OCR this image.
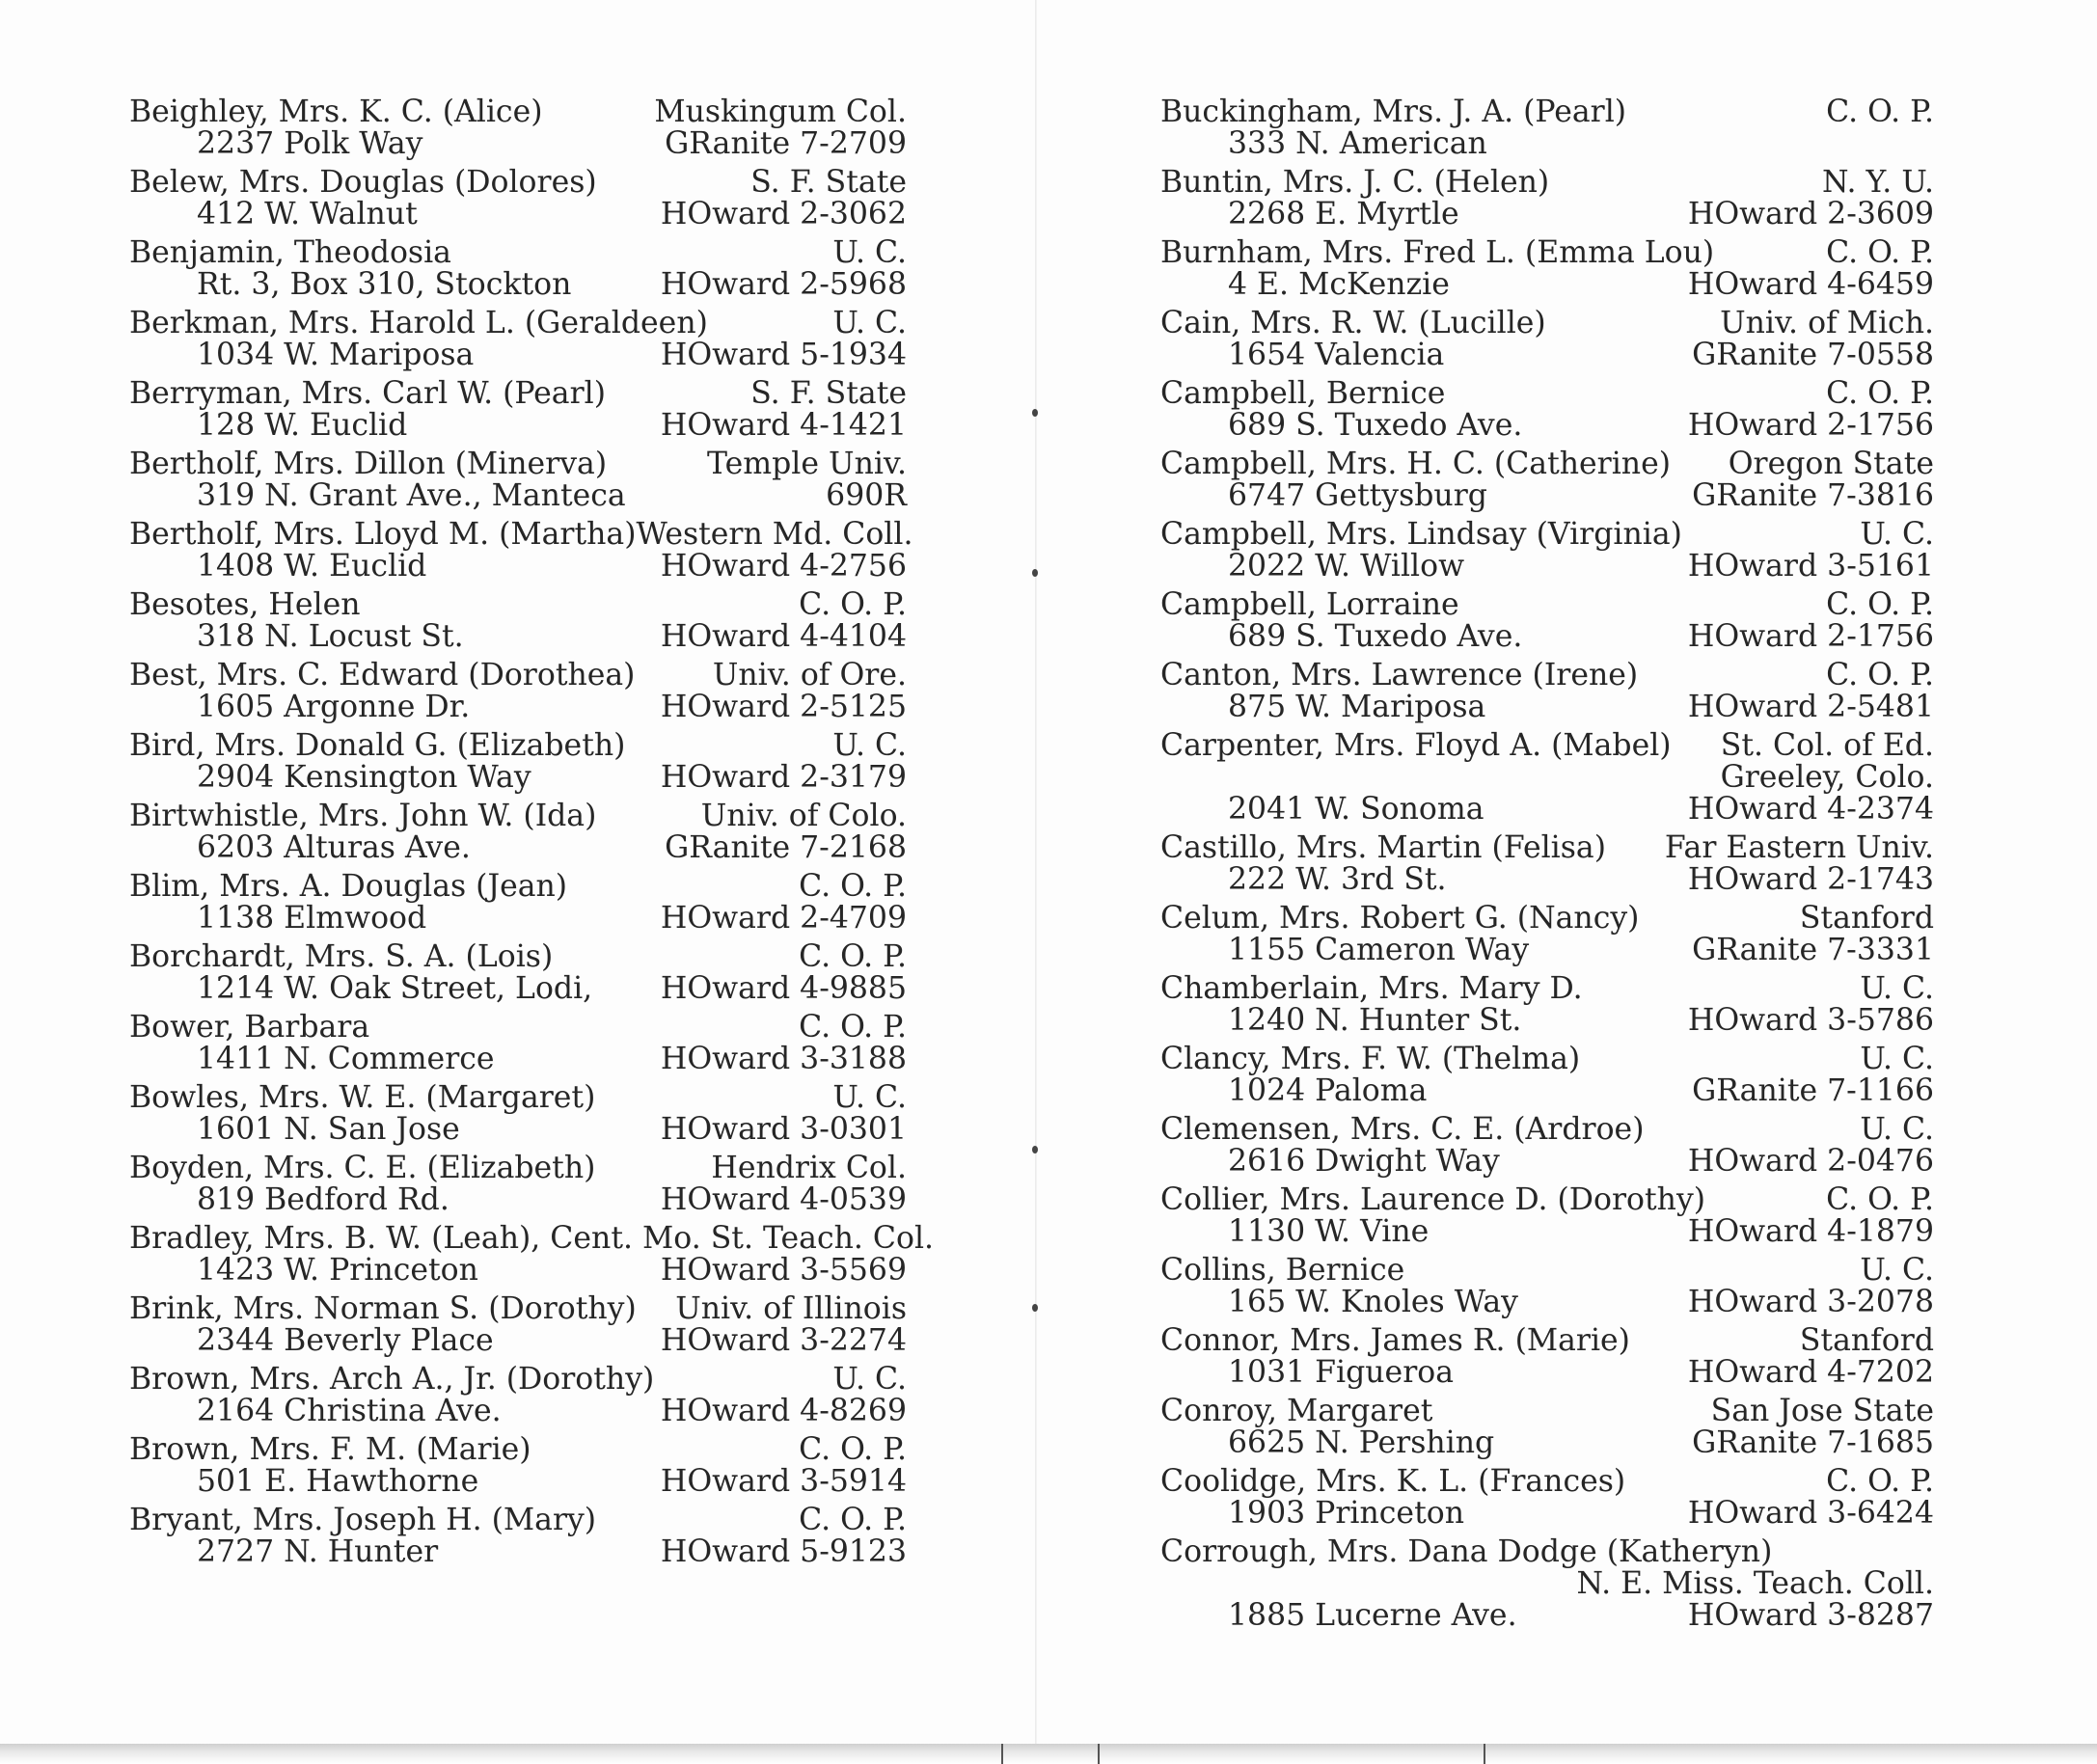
Beighley, Mrs. K. C. (Alice)	Muskingum Col.
2237 Polk Way	GRanite 7-2709
Belew, Mrs. Douglas (Dolores)	S. F. State
412 W. Walnut	HOward 2-3062
Benjamin, Theodosia	U. C.
Rt. 3, Box 310, Stockton	HOward 2-5968
Berkman, Mrs. Harold L. (Geraldeen)	U. C.
1034 W. Mariposa	HOward 5-1934
Berryman, Mrs. Carl W. (Pearl)	S. F. State
128 W. Euclid	HOward 4-1421
Bertholf, Mrs. Dillon (Minerva)	Temple Univ.
319 N. Grant Ave., Manteca	690R
Bertholf, Mrs. Lloyd M. (Martha) Western Md. Coll.
1408 W. Euclid	HOward 4-2756
Besotes, Helen	C. O. P.
318 N. Locust St.	HOward 4-4104
Best, Mrs. C. Edward (Dorothea)	Univ. of Ore.
1605 Argonne Dr.	HOward 2-5125
Bird, Mrs. Donald G. (Elizabeth)	U. C.
2904 Kensington Way	HOward 2-3179
Birtwhistle, Mrs. John W. (Ida)	Univ. of Colo.
6203 Alturas Ave.	GRanite 7-2168
Blim, Mrs. A. Douglas (Jean)	C. O. P.
1138 Elmwood	HOward 2-4709
Borchardt, Mrs. S. A. (Lois)	C. O. P.
1214 W. Oak Street, Lodi, HOward 4-9885
Bower, Barbara	C. O. P.
1411 N. Commerce	HOward 3-3188
Bowles, Mrs. W. E. (Margaret)	U. C.
1601 N. San Jose	HOward 3-0301
Boyden, Mrs. C. E. (Elizabeth)	Hendrix Col.
819 Bedford Rd.	HOward 4-0539
Bradley, Mrs. B. W. (Leah), Cent. Mo. St. Teach. Col.
1423 W. Princeton	HOward 3-5569
Brink, Mrs. Norman S. (Dorothy) Univ. of Illinois
2344 Beverly Place	HOward 3-2274
Brown, Mrs. Arch A., Jr. (Dorothy)	U. C.
2164 Christina Ave.	HOward 4-8269
Brown, Mrs. F. M. (Marie)	C. O. P.
501 E. Hawthorne	HOward 3-5914
Bryant, Mrs. Joseph H. (Mary)	C. O. P.
2727 N. Hunter	HOward 5-9123
Buckingham, Mrs. J. A. (Pearl)	C. O. P.
333 N. American
Buntin, Mrs. J. C. (Helen)	N. Y. U.
2268 E. Myrtle	HOward 2-3609
Burnham, Mrs. Fred L. (Emma Lou)	C. O. P.
4 E. McKenzie	HOward 4-6459
Cain, Mrs. R. W. (Lucille)	Univ. of Mich.
1654 Valencia	GRanite 7-0558
Campbell, Bernice	C. O. P.
689 S. Tuxedo Ave.	HOward 2-1756
Campbell, Mrs. H. C. (Catherine) Oregon State
6747 Gettysburg	GRanite 7-3816
Campbell, Mrs. Lindsay (Virginia)	U. C.
2022 W. Willow	HOward 3-5161
Campbell, Lorraine	C. O. P.
689 S. Tuxedo Ave.	HOward 2-1756
Canton, Mrs. Lawrence (Irene)	C. O. P.
875 W. Mariposa	HOward 2-5481
Carpenter, Mrs. Floyd A. (Mabel) St. Col. of Ed.
Greeley, Colo.
2041 W. Sonoma	HOward 4-2374
Castillo, Mrs. Martin (Felisa) Far Eastern Univ.
222 W. 3rd St.	HOward 2-1743
Celum, Mrs. Robert G. (Nancy)	Stanford
1155 Cameron Way	GRanite 7-3331
Chamberlain, Mrs. Mary D.	U. C.
1240 N. Hunter St.	HOward 3-5786
Clancy, Mrs. F. W. (Thelma)	U. C.
1024 Paloma	GRanite 7-1166
Clemensen, Mrs. C. E. (Ardroe)	U. C.
2616 Dwight Way	HOward 2-0476
Collier, Mrs. Laurence D. (Dorothy)	C. O. P.
1130 W. Vine	HOward 4-1879
Collins, Bernice	U. C.
165 W. Knoles Way	HOward 3-2078
Connor, Mrs. James R. (Marie)	Stanford
1031 Figueroa	HOward 4-7202
Conroy, Margaret	San Jose State
6625 N. Pershing	GRanite 7-1685
Coolidge, Mrs. K. L. (Frances)	C. O. P.
1903 Princeton	HOward 3-6424
Corrough, Mrs. Dana Dodge (Katheryn)
N. E. Miss. Teach. Coll.
1885 Lucerne Ave.	HOward 3-8287
